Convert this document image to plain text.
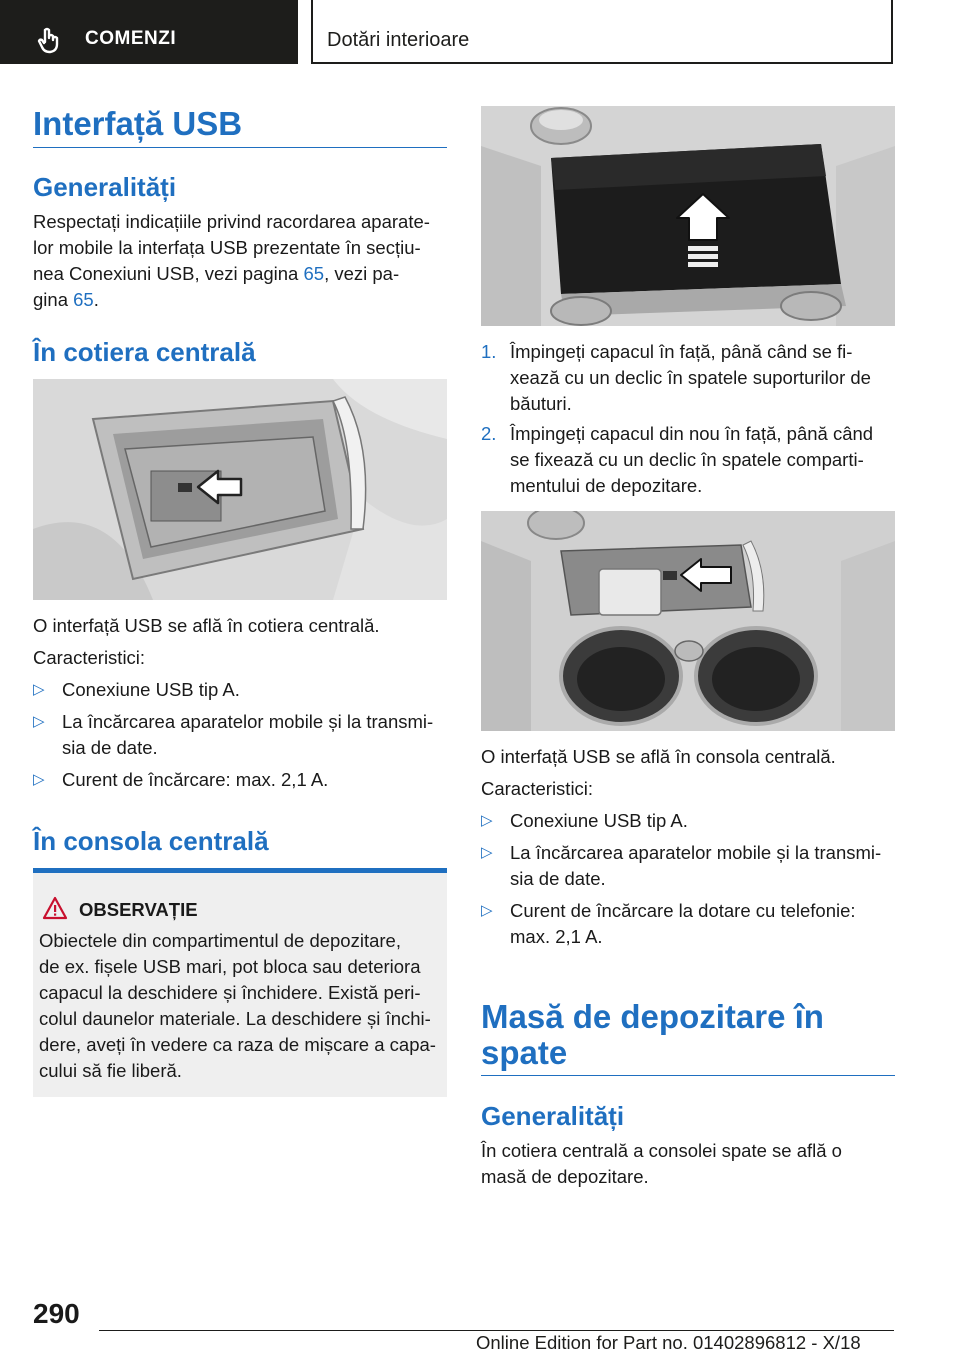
COMENZI	Dotări interioare
Interfață USB
Generalități

Respectați indicațiile privind racordarea aparate‐

lor mobile la interfața USB prezentate în secțiu‐

nea Conexiuni USB, vezi pagina 65, vezi pa‐

gina 65.

În cotiera centrală

O interfață USB se află în cotiera centrală.

Caracteristici:

▷ Conexiune USB tip A.
▷ La încărcarea aparatelor mobile și la transmi‐
sia de date.
▷ Curent de încărcare: max. 2,1 A.
În consola centrală
OBSERVAȚIE
Obiectele din compartimentul de depozitare,
de ex. fișele USB mari, pot bloca sau deteriora
capacul la deschidere și închidere. Există peri‐
colul daunelor materiale. La deschidere și închi‐
dere, aveți în vedere ca raza de mișcare a capa‐
cului să fie liberă.
1. Împingeți capacul în față, până când se fi‐
xează cu un declic în spatele suporturilor de
băuturi.
2. Împingeți capacul din nou în față, până când
se fixează cu un declic în spatele comparti‐
mentului de depozitare.

O interfață USB se află în consola centrală.

Caracteristici:

▷ Conexiune USB tip A.
▷ La încărcarea aparatelor mobile și la transmi‐
sia de date.
▷ Curent de încărcare la dotare cu telefonie:
max. 2,1 A.
Masă de depozitare în
spate
Generalități

În cotiera centrală a consolei spate se află o

masă de depozitare.

290
Online Edition for Part no. 01402896812 - X/18
